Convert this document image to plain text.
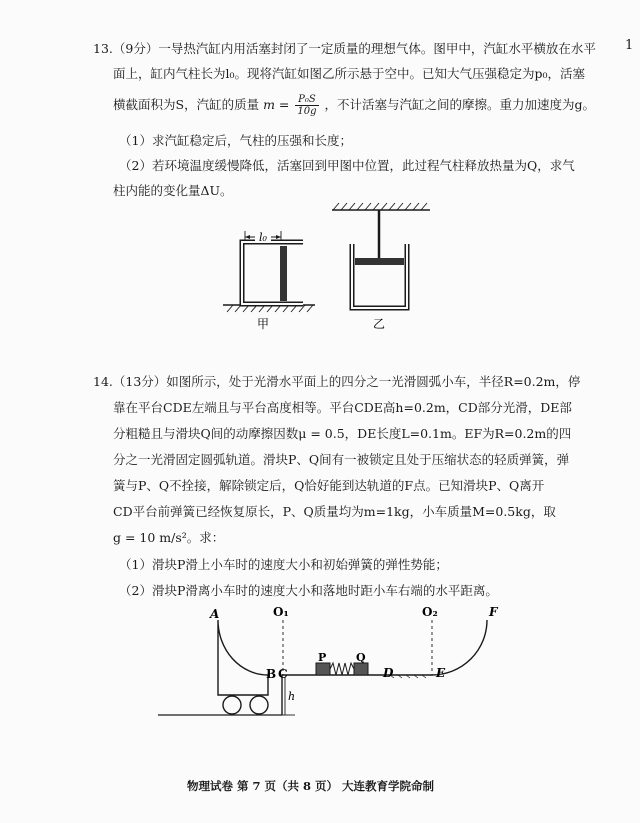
1
13.（9分）一导热汽缸内用活塞封闭了一定质量的理想气体。图甲中，汽缸水平横放在水平
面上，缸内气柱长为l₀。现将汽缸如图乙所示悬于空中。已知大气压强稳定为p₀，活塞
横截面积为S，汽缸的质量 $m = \frac{\text{P₀S}}{10g}$ ，不计活塞与汽缸之间的摩擦。重力加速度为g。
（1）求汽缸稳定后，气柱的压强和长度；
（2）若环境温度缓慢降低，活塞回到甲图中位置，此过程气柱释放热量为Q，求气
柱内能的变化量ΔU。
l₀
甲	乙
14.（13分）如图所示，处于光滑水平面上的四分之一光滑圆弧小车，半径R=0.2m，停
靠在平台CDE左端且与平台高度相等。平台CDE高h=0.2m，CD部分光滑，DE部
分粗糙且与滑块Q间的动摩擦因数μ = 0.5，DE长度L=0.1m。EF为R=0.2m的四
分之一光滑固定圆弧轨道。滑块P、Q间有一被锁定且处于压缩状态的轻质弹簧，弹
簧与P、Q不拴接，解除锁定后，Q恰好能到达轨道的F点。已知滑块P、Q离开
CD平台前弹簧已经恢复原长，P、Q质量均为m=1kg，小车质量M=0.5kg，取
g = 10 m/s²。求：
（1）滑块P滑上小车时的速度大小和初始弹簧的弹性势能；
（2）滑块P滑离小车时的速度大小和落地时距小车右端的水平距离。
A	O₁
B C
P	Q
D	E
O₂	F
h
物理试卷 第 7 页（共 8 页） 大连教育学院命制
